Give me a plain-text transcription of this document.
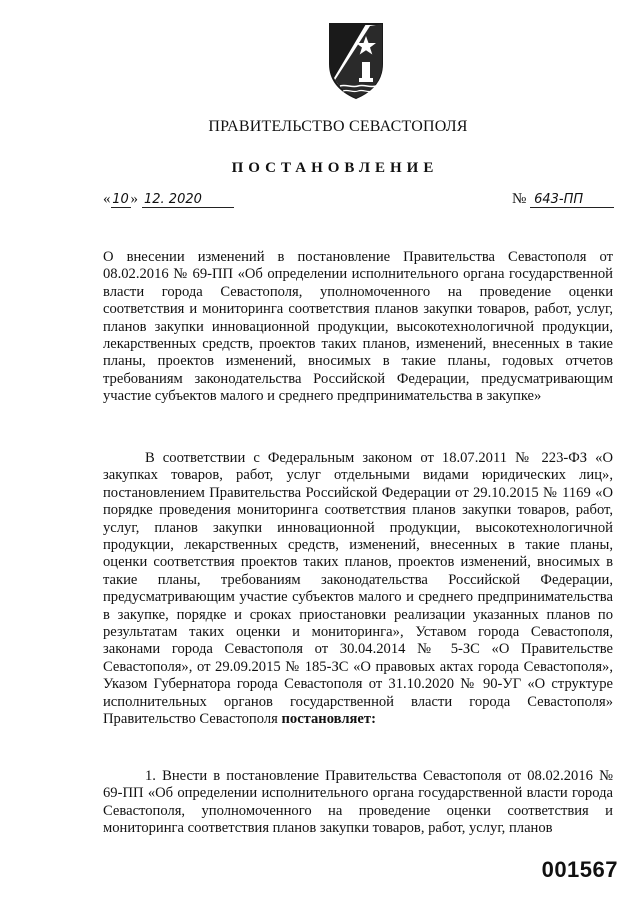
ПРАВИТЕЛЬСТВО СЕВАСТОПОЛЯ
ПОСТАНОВЛЕНИЕ
« 10 » 12. 2020	№ 643-ПП
О внесении изменений в постановление Правительства Севастополя от 08.02.2016 № 69-ПП «Об определении исполнительного органа государственной власти города Севастополя, уполномоченного на проведение оценки соответствия и мониторинга соответствия планов закупки товаров, работ, услуг, планов закупки инновационной продукции, высокотехнологичной продукции, лекарственных средств, проектов таких планов, изменений, внесенных в такие планы, проектов изменений, вносимых в такие планы, годовых отчетов требованиям законодательства Российской Федерации, предусматривающим участие субъектов малого и среднего предпринимательства в закупке»
В соответствии с Федеральным законом от 18.07.2011 № 223-ФЗ «О закупках товаров, работ, услуг отдельными видами юридических лиц», постановлением Правительства Российской Федерации от 29.10.2015 № 1169 «О порядке проведения мониторинга соответствия планов закупки товаров, работ, услуг, планов закупки инновационной продукции, высокотехнологичной продукции, лекарственных средств, изменений, внесенных в такие планы, оценки соответствия проектов таких планов, проектов изменений, вносимых в такие планы, требованиям законодательства Российской Федерации, предусматривающим участие субъектов малого и среднего предпринимательства в закупке, порядке и сроках приостановки реализации указанных планов по результатам таких оценки и мониторинга», Уставом города Севастополя, законами города Севастополя от 30.04.2014 № 5-ЗС «О Правительстве Севастополя», от 29.09.2015 № 185-ЗС «О правовых актах города Севастополя», Указом Губернатора города Севастополя от 31.10.2020 № 90-УГ «О структуре исполнительных органов государственной власти города Севастополя» Правительство Севастополя постановляет:
1. Внести в постановление Правительства Севастополя от 08.02.2016 № 69-ПП «Об определении исполнительного органа государственной власти города Севастополя, уполномоченного на проведение оценки соответствия и мониторинга соответствия планов закупки товаров, работ, услуг, планов
001567
